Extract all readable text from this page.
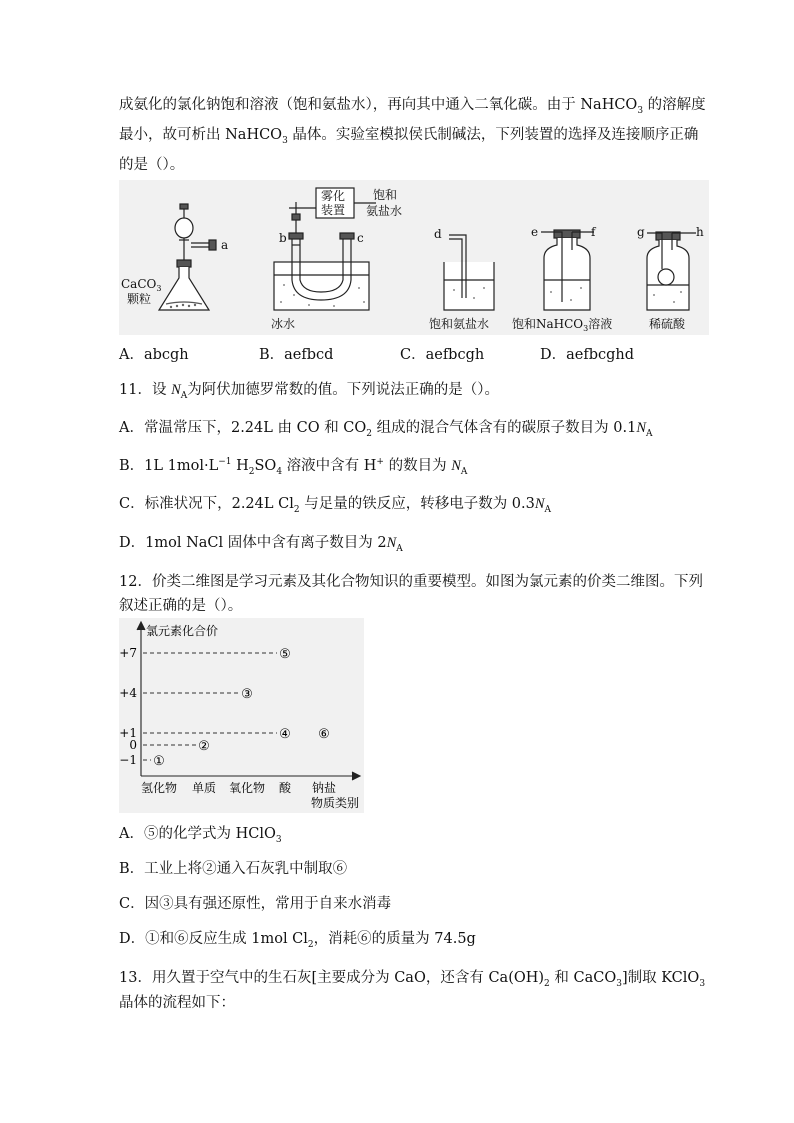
成氨化的氯化钠饱和溶液（饱和氨盐水），再向其中通入二氧化碳。由于 NaHCO$_3$ 的溶解度
最小，故可析出 NaHCO$_3$ 晶体。实验室模拟侯氏制碱法，下列装置的选择及连接顺序正确
的是（）。
CaCO$_3$
颗粒
a
雾化
装置
饱和
氨盐水
b	c
冰水
d
饱和氨盐水
e	f
饱和NaHCO$_3$溶液
g	h
稀硫酸
A．abcgh	B．aefbcd	C．aefbcgh	D．aefbcghd
11．设 $N_A$为阿伏加德罗常数的值。下列说法正确的是（）。
A．常温常压下，2.24L 由 CO 和 $CO_2$ 组成的混合气体含有的碳原子数目为 $0.1N_A$
B．1L $1mol\cdot L^{-1}$ $H_2SO_4$ 溶液中含有 H+ 的数目为 $N_A$
C．标准状况下，2.24L $Cl_2$ 与足量的铁反应，转移电子数为 $0.3N_A$
D．1mol NaCl 固体中含有离子数目为 $2N_A$
12．价类二维图是学习元素及其化合物知识的重要模型。如图为氯元素的价类二维图。下列
叙述正确的是（）。
氯元素化合价
物质类别
+7
+4
+1
0
−1
氢化物 单质 氧化物 酸 钠盐
①
②
③
④
⑤
⑥
A．⑤的化学式为 HClO$_3$
B．工业上将②通入石灰乳中制取⑥
C．因③具有强还原性，常用于自来水消毒
D．①和⑥反应生成 1mol $Cl_2$，消耗⑥的质量为 74.5g
13．用久置于空气中的生石灰[主要成分为 CaO，还含有 $Ca(OH)_2$ 和 CaCO$_3$]制取 KClO$_3$
晶体的流程如下：
